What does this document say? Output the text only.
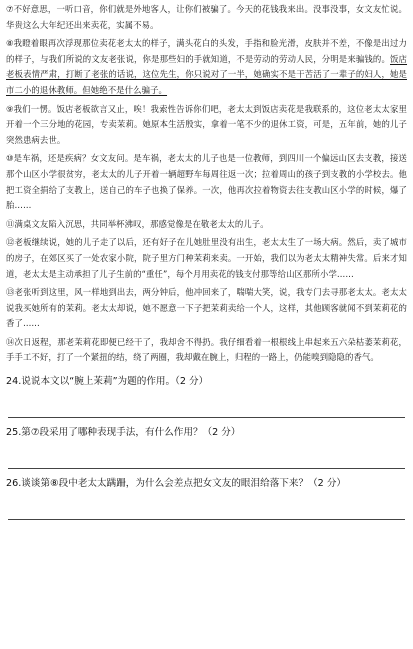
⑦不好意思，一听口音，你们就是外地客人，让你们被骗了。今天的花钱我来出。没事没事，女文友忙说。华贵这么大年纪还出来卖花，实属不易。

⑧我瞪着眼再次浮现那位卖花老太太的样子，满头花白的头发，手指和脸光滑，皮肤并不差，不像是出过力的样子，与我们所说的文友老张说，你是那些妇的手就知道，不是劳动的劳动人民，分明是来骗钱的。饭店老板表情严肃，打断了老张的话说，这位先生，你只说对了一半，她确实不是干苦活了一辈子的妇人，她是市二小的退休教师。但她绝不是什么骗子。

⑨我们一愣。饭店老板欲言又止，唉！我索性告诉你们吧，老太太到饭店卖花是我联系的，这位老太太家里开着一个三分地的花园，专卖茉莉。她原本生活殷实，拿着一笔不少的退休工资，可是，五年前，她的儿子突然患病去世。

⑩是车祸，还是疾病？女文友问。是车祸，老太太的儿子也是一位教师，到四川一个偏远山区去支教，接送那个山区小学很贫穷，老太太的儿子开着一辆超野车每周往返一次；拉着周山的孩子到支教的小学校去。他把工资全捐给了支教上，送自己的车子也换了保养。一次，他再次拉着物资去往支教山区小学的时候，爆了胎……

⑪满桌文友陷入沉思，共同举杯沸叹，那感觉像是在敬老太太的儿子。

⑫老板继续说，她的儿子走了以后，还有好子在儿她肚里没有出生，老太太生了一场大病。然后，卖了城市的房子，在郊区买了一处农家小院，院子里方门种茉莉来卖。一开始，我们以为老太太精神失常。后来才知道，老太太是主动承担了儿子生前的“重任”，每个月用卖花的钱支付那等给山区那所小学……

⑬老张听到这里，风一样地到出去，两分钟后，他冲回来了，喘喘大笑，说，我专门去寻那老太太。老太太说我买她所有的茉莉。老太太却说，她不愿意一下子把茉莉卖给一个人，这样，其他顾客就闻不到茉莉花的香了……

⑭次日返程，那老茉莉花即便已经干了，我却舍不得扔。我仔细看着一根根线上串起来五六朵枯萎茉莉花，手手工不好，打了一个紧扭的结，绕了两圈，我却戴在腕上，归程的一路上，仍能嗅到隐隐的香气。

24.说说本文以“腕上茉莉”为题的作用。（2 分）

25.第⑦段采用了哪种表现手法，有什么作用？（2 分）

26.谈谈第⑧段中老太太蹒跚，为什么会差点把女文友的眼泪给落下来？（2 分）
